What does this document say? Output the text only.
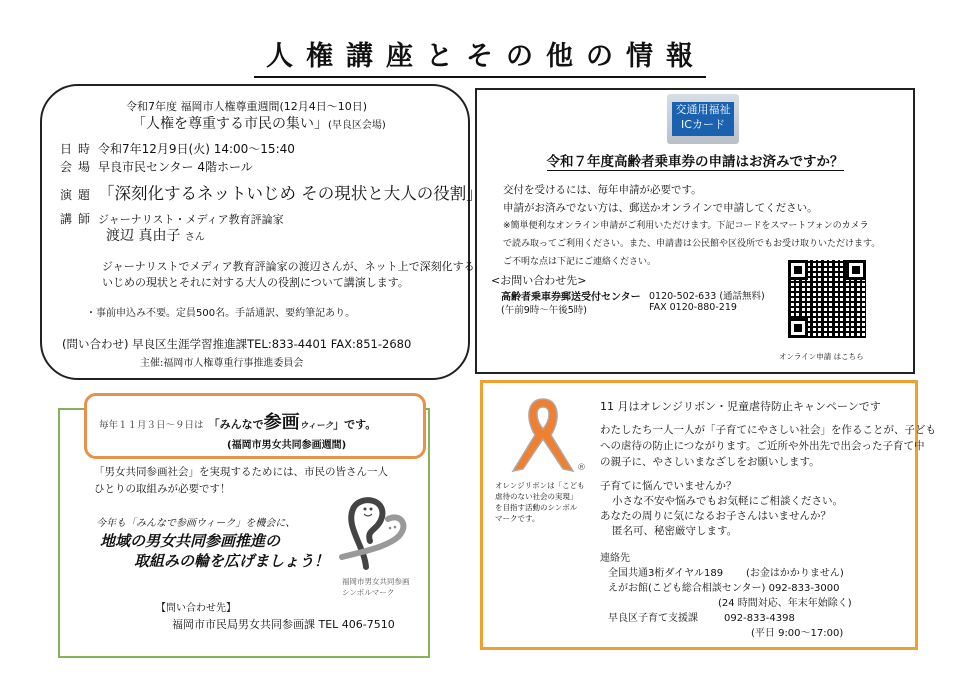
人権講座とその他の情報
令和7年度 福岡市人権尊重週間(12月4日～10日)
「人権を尊重する市民の集い」(早良区会場)
日時 令和7年12月9日(火) 14:00～15:40
会場 早良市民センター 4階ホール
演題 「深刻化するネットいじめ その現状と大人の役割」
講師 ジャーナリスト・メディア教育評論家
渡辺 真由子 さん
ジャーナリストでメディア教育評論家の渡辺さんが、ネット上で深刻化する
いじめの現状とそれに対する大人の役割について講演します。
・事前申込み不要。定員500名。手話通訳、要約筆記あり。
(問い合わせ) 早良区生涯学習推進課TEL:833-4401 FAX:851-2680
主催:福岡市人権尊重行事推進委員会
交通用福祉
ICカード
令和７年度高齢者乗車券の申請はお済みですか？
交付を受けるには、毎年申請が必要です。
申請がお済みでない方は、郵送かオンラインで申請してください。
※簡単便利なオンライン申請がご利用いただけます。下記コードをスマートフォンのカメラ
で読み取ってご利用ください。また、申請書は公民館や区役所でもお受け取りいただけます。
ご不明な点は下記にご連絡ください。
<お問い合わせ先>
高齢者乗車券郵送受付センター 0120-502-633 (通話無料)
(午前9時～午後5時)	FAX 0120-880-219
オンライン申請 はこちら
毎年１１月３日～９日は 「みんなで参画ウィーク」です。
(福岡市男女共同参画週間)
「男女共同参画社会」を実現するためには、市民の皆さん一人
ひとりの取組みが必要です！
今年も「みんなで参画ウィーク」を機会に、
地域の男女共同参画推進の
取組みの輪を広げましょう！
福岡市男女共同参画
シンボルマーク
【問い合わせ先】
福岡市市民局男女共同参画課 TEL 406-7510
®
オレンジリボンは「こども
虐待のない社会の実現」
を目指す活動のシンボル
マークです。
11 月はオレンジリボン・児童虐待防止キャンペーンです
わたしたち一人一人が「子育てにやさしい社会」を作ることが、子ども
への虐待の防止につながります。ご近所や外出先で出会った子育て中
の親子に、やさしいまなざしをお願いします。
子育てに悩んでいませんか？
小さな不安や悩みでもお気軽にご相談ください。
あなたの周りに気になるお子さんはいませんか？
匿名可、秘密厳守します。
連絡先
全国共通3桁ダイヤル189 (お金はかかりません)
えがお館(こども総合相談センター) 092-833-3000
(24 時間対応、年末年始除く)
早良区子育て支援課	092-833-4398
(平日 9:00～17:00)
